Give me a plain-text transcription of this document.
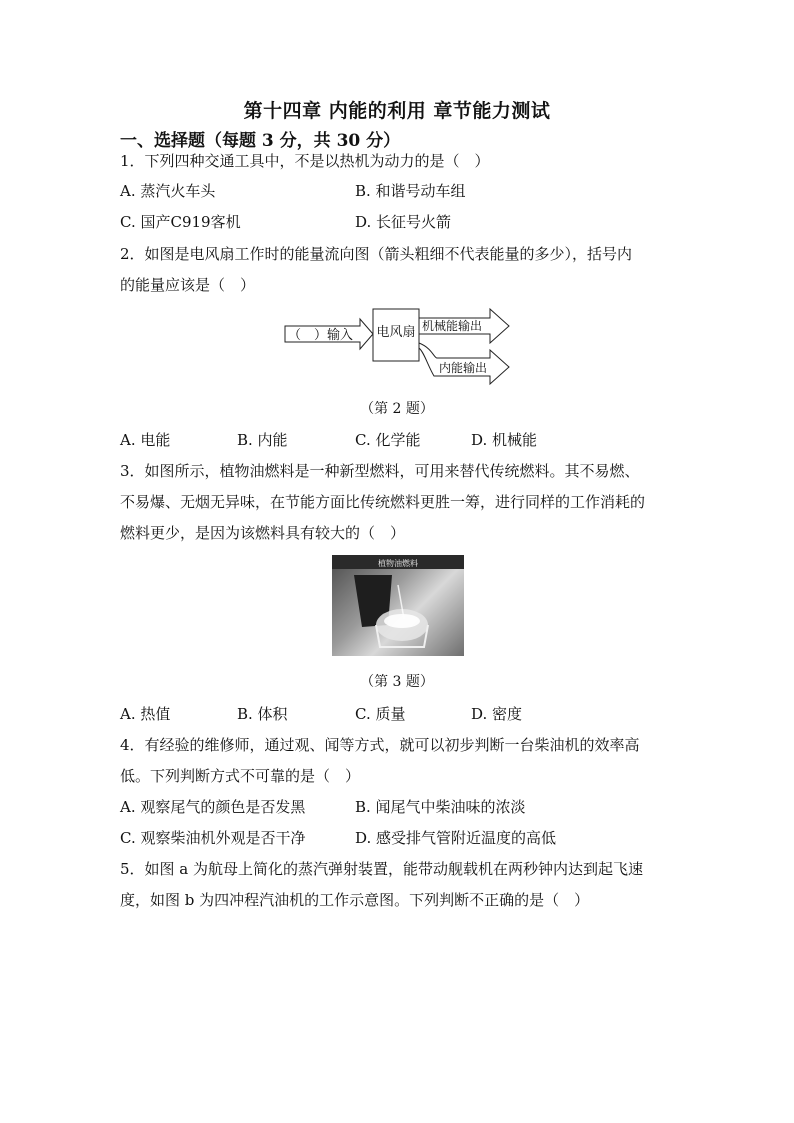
第十四章 内能的利用 章节能力测试
一、选择题（每题 3 分，共 30 分）
1．下列四种交通工具中，不是以热机为动力的是（　）
A. 蒸汽火车头	B. 和谐号动车组
C. 国产C919客机	D. 长征号火箭
2．如图是电风扇工作时的能量流向图（箭头粗细不代表能量的多少），括号内
的能量应该是（　）
（　）输入 电风扇 机械能输出
内能输出
（第 2 题）
A. 电能	B. 内能	C. 化学能	D. 机械能
3．如图所示，植物油燃料是一种新型燃料，可用来替代传统燃料。其不易燃、
不易爆、无烟无异味，在节能方面比传统燃料更胜一筹，进行同样的工作消耗的
燃料更少，是因为该燃料具有较大的（　）
植物油燃料
（第 3 题）
A. 热值	B. 体积	C. 质量	D. 密度
4．有经验的维修师，通过观、闻等方式，就可以初步判断一台柴油机的效率高
低。下列判断方式不可靠的是（　）
A. 观察尾气的颜色是否发黑	B. 闻尾气中柴油味的浓淡
C. 观察柴油机外观是否干净	D. 感受排气管附近温度的高低
5．如图 a 为航母上简化的蒸汽弹射装置，能带动舰载机在两秒钟内达到起飞速
度，如图 b 为四冲程汽油机的工作示意图。下列判断不正确的是（　）
